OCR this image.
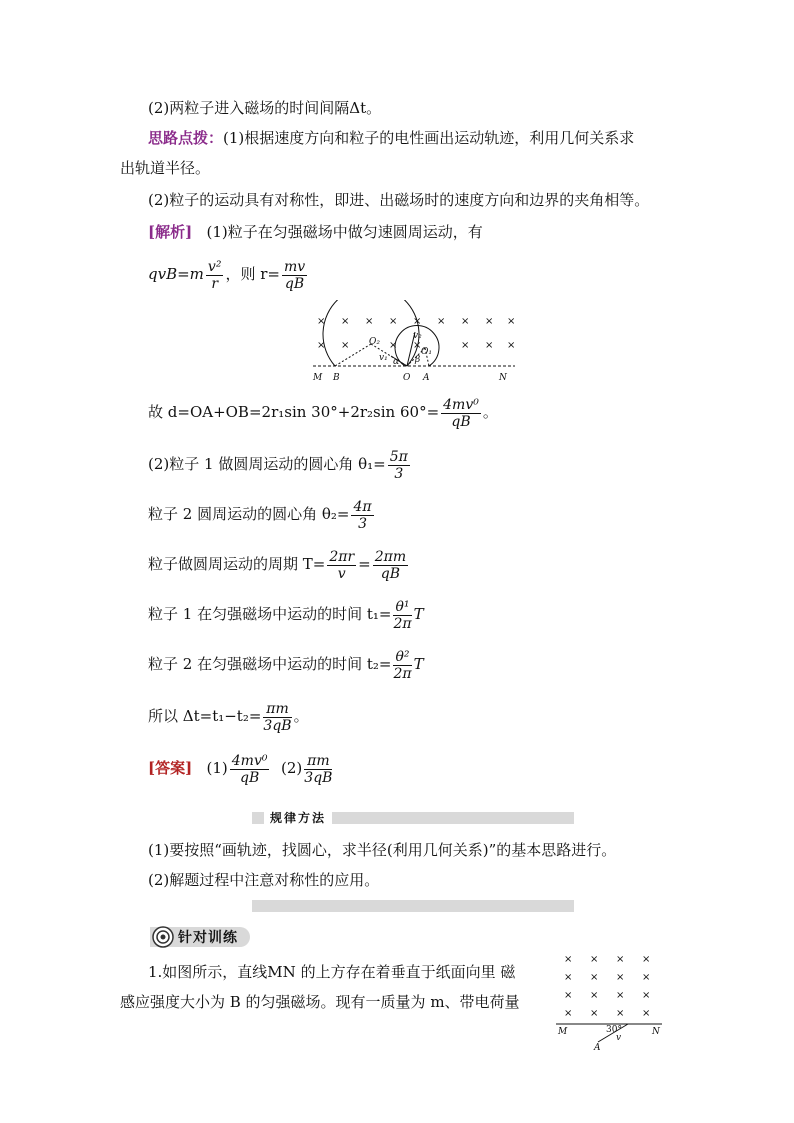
(2)两粒子进入磁场的时间间隔Δt。
思路点拨：(1)根据速度方向和粒子的电性画出运动轨迹，利用几何关系求
出轨道半径。
(2)粒子的运动具有对称性，即进、出磁场时的速度方向和边界的夹角相等。
[解析] (1)粒子在匀强磁场中做匀速圆周运动，有
$qvB=m \frac{\text{v²}}{r}$ ，则 $r= \frac{mv}{qB}$
× × × × × × × × ×
× ×	× ×	× × ×
M B	O A	N
O₂
O₁
v₁
v₂
α β
故 d=OA+OB=2r₁sin 30°+2r₂sin $60^\circ= \frac{\text{4mv⁰}}{qB}$ 。
(2)粒子 1 做圆周运动的圆心角 $\theta_1= \frac{5\pi}{3}$
粒子 2 圆周运动的圆心角 $\theta_2= \frac{4\pi}{3}$
粒子做圆周运动的周期 $T= \frac{2\pi r}{v} = \frac{2\pi m}{qB}$
粒子 1 在匀强磁场中运动的时间 $t_1= \frac{\text{θ¹}}{2\pi}$ T
粒子 2 在匀强磁场中运动的时间 $t_2= \frac{\text{θ²}}{2\pi}$ T
所以 $\Delta t=t_1-t_2= \frac{\pi m}{3qB}$ 。
[答案] $(1) \frac{\text{4mv⁰}}{qB} (2) \frac{\pi m}{3qB}$
规律方法
(1)要按照“画轨迹，找圆心，求半径(利用几何关系)”的基本思路进行。
(2)解题过程中注意对称性的应用。
针对训练
1.如图所示，直线MN 的上方存在着垂直于纸面向里 磁
感应强度大小为 B 的匀强磁场。现有一质量为 m、带电荷量
× × × ×
× × × ×
× × × ×
× × × ×
M	N
30°
v
A
